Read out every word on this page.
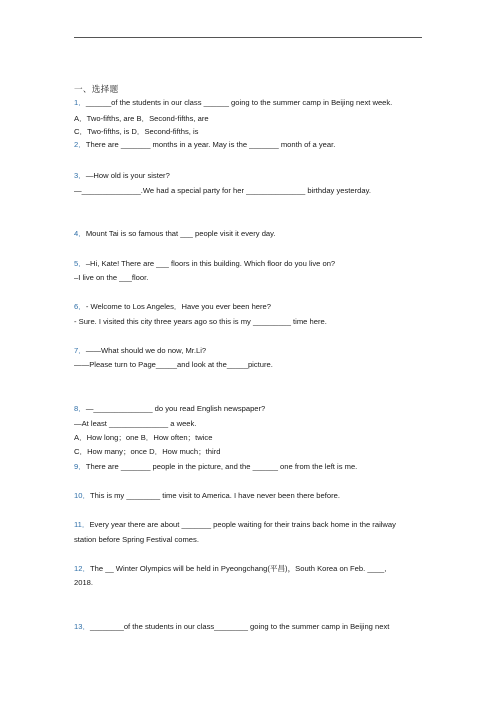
一、选择题
1．______of the students in our class ______ going to the summer camp in Beijing next week.
A．Two-fifths, are B．Second-fifths, are
C．Two-fifths, is D．Second-fifths, is
2．There are _______ months in a year. May is the _______ month of a year.
3．—How old is your sister?
—______________.We had a special party for her ______________ birthday yesterday.
4．Mount Tai is so famous that ___ people visit it every day.
5．–Hi, Kate! There are ___ floors in this building. Which floor do you live on?
–I live on the ___floor.
6．- Welcome to Los Angeles．Have you ever been here?
- Sure. I visited this city three years ago so this is my _________ time here.
7．——What should we do now, Mr.Li?
——Please turn to Page_____and look at the_____picture.
8．—______________ do you read English newspaper?
—At least ______________ a week.
A．How long；one B．How often；twice
C．How many；once D．How much；third
9．There are _______ people in the picture, and the ______ one from the left is me.
10．This is my ________ time visit to America. I have never been there before.
11．Every year there are about _______ people waiting for their trains back home in the railway
station before Spring Festival comes.
12．The __ Winter Olympics will be held in Pyeongchang(平昌)，South Korea on Feb. ____,
2018.
13．________of the students in our class________ going to the summer camp in Beijing next
